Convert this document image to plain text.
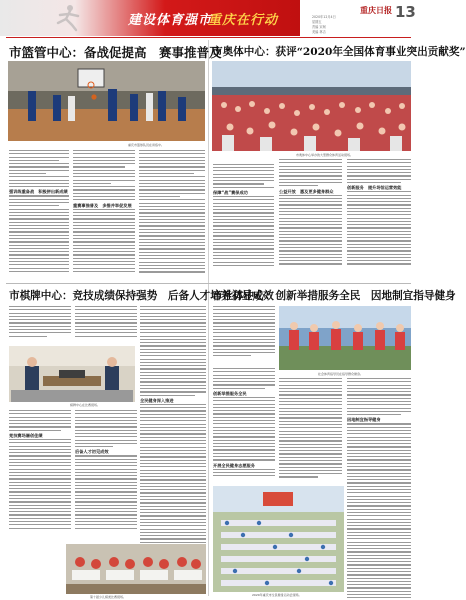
建设体育强市
重庆在行动
重庆日报 13
2020年12月4日
星期五
责编 宋柯
美编 林吉
市篮管中心：备战促提高　赛事推普及
重庆市篮球队员在训练中。
强训练重备战　积极拼出新成绩
重赛事推普及　多措并举促发展
市奥体中心：获评“2020年全国体育事业突出贡献奖”
市奥体中心举办的大型群众体育活动现场。

保障“战”赛保成功	公益开放　惠及更多健身群众
创新服务　提升场馆运营效能
市棋牌中心：竞技成绩保持强势　后备人才培养初显成效
棋牌中心在比赛现场。
竞技赛场屡创佳绩
后备人才初见成效
全民健身深入推进
第十届少儿棋类比赛现场。
市社体中心：创新举措服务全民　因地制宜指导健身
社会体育指导员在指导群众健身。
创新举措服务全民
开展全民健身志愿服务
因地制宜指导健身
2020年重庆市全民健身运动会现场。
